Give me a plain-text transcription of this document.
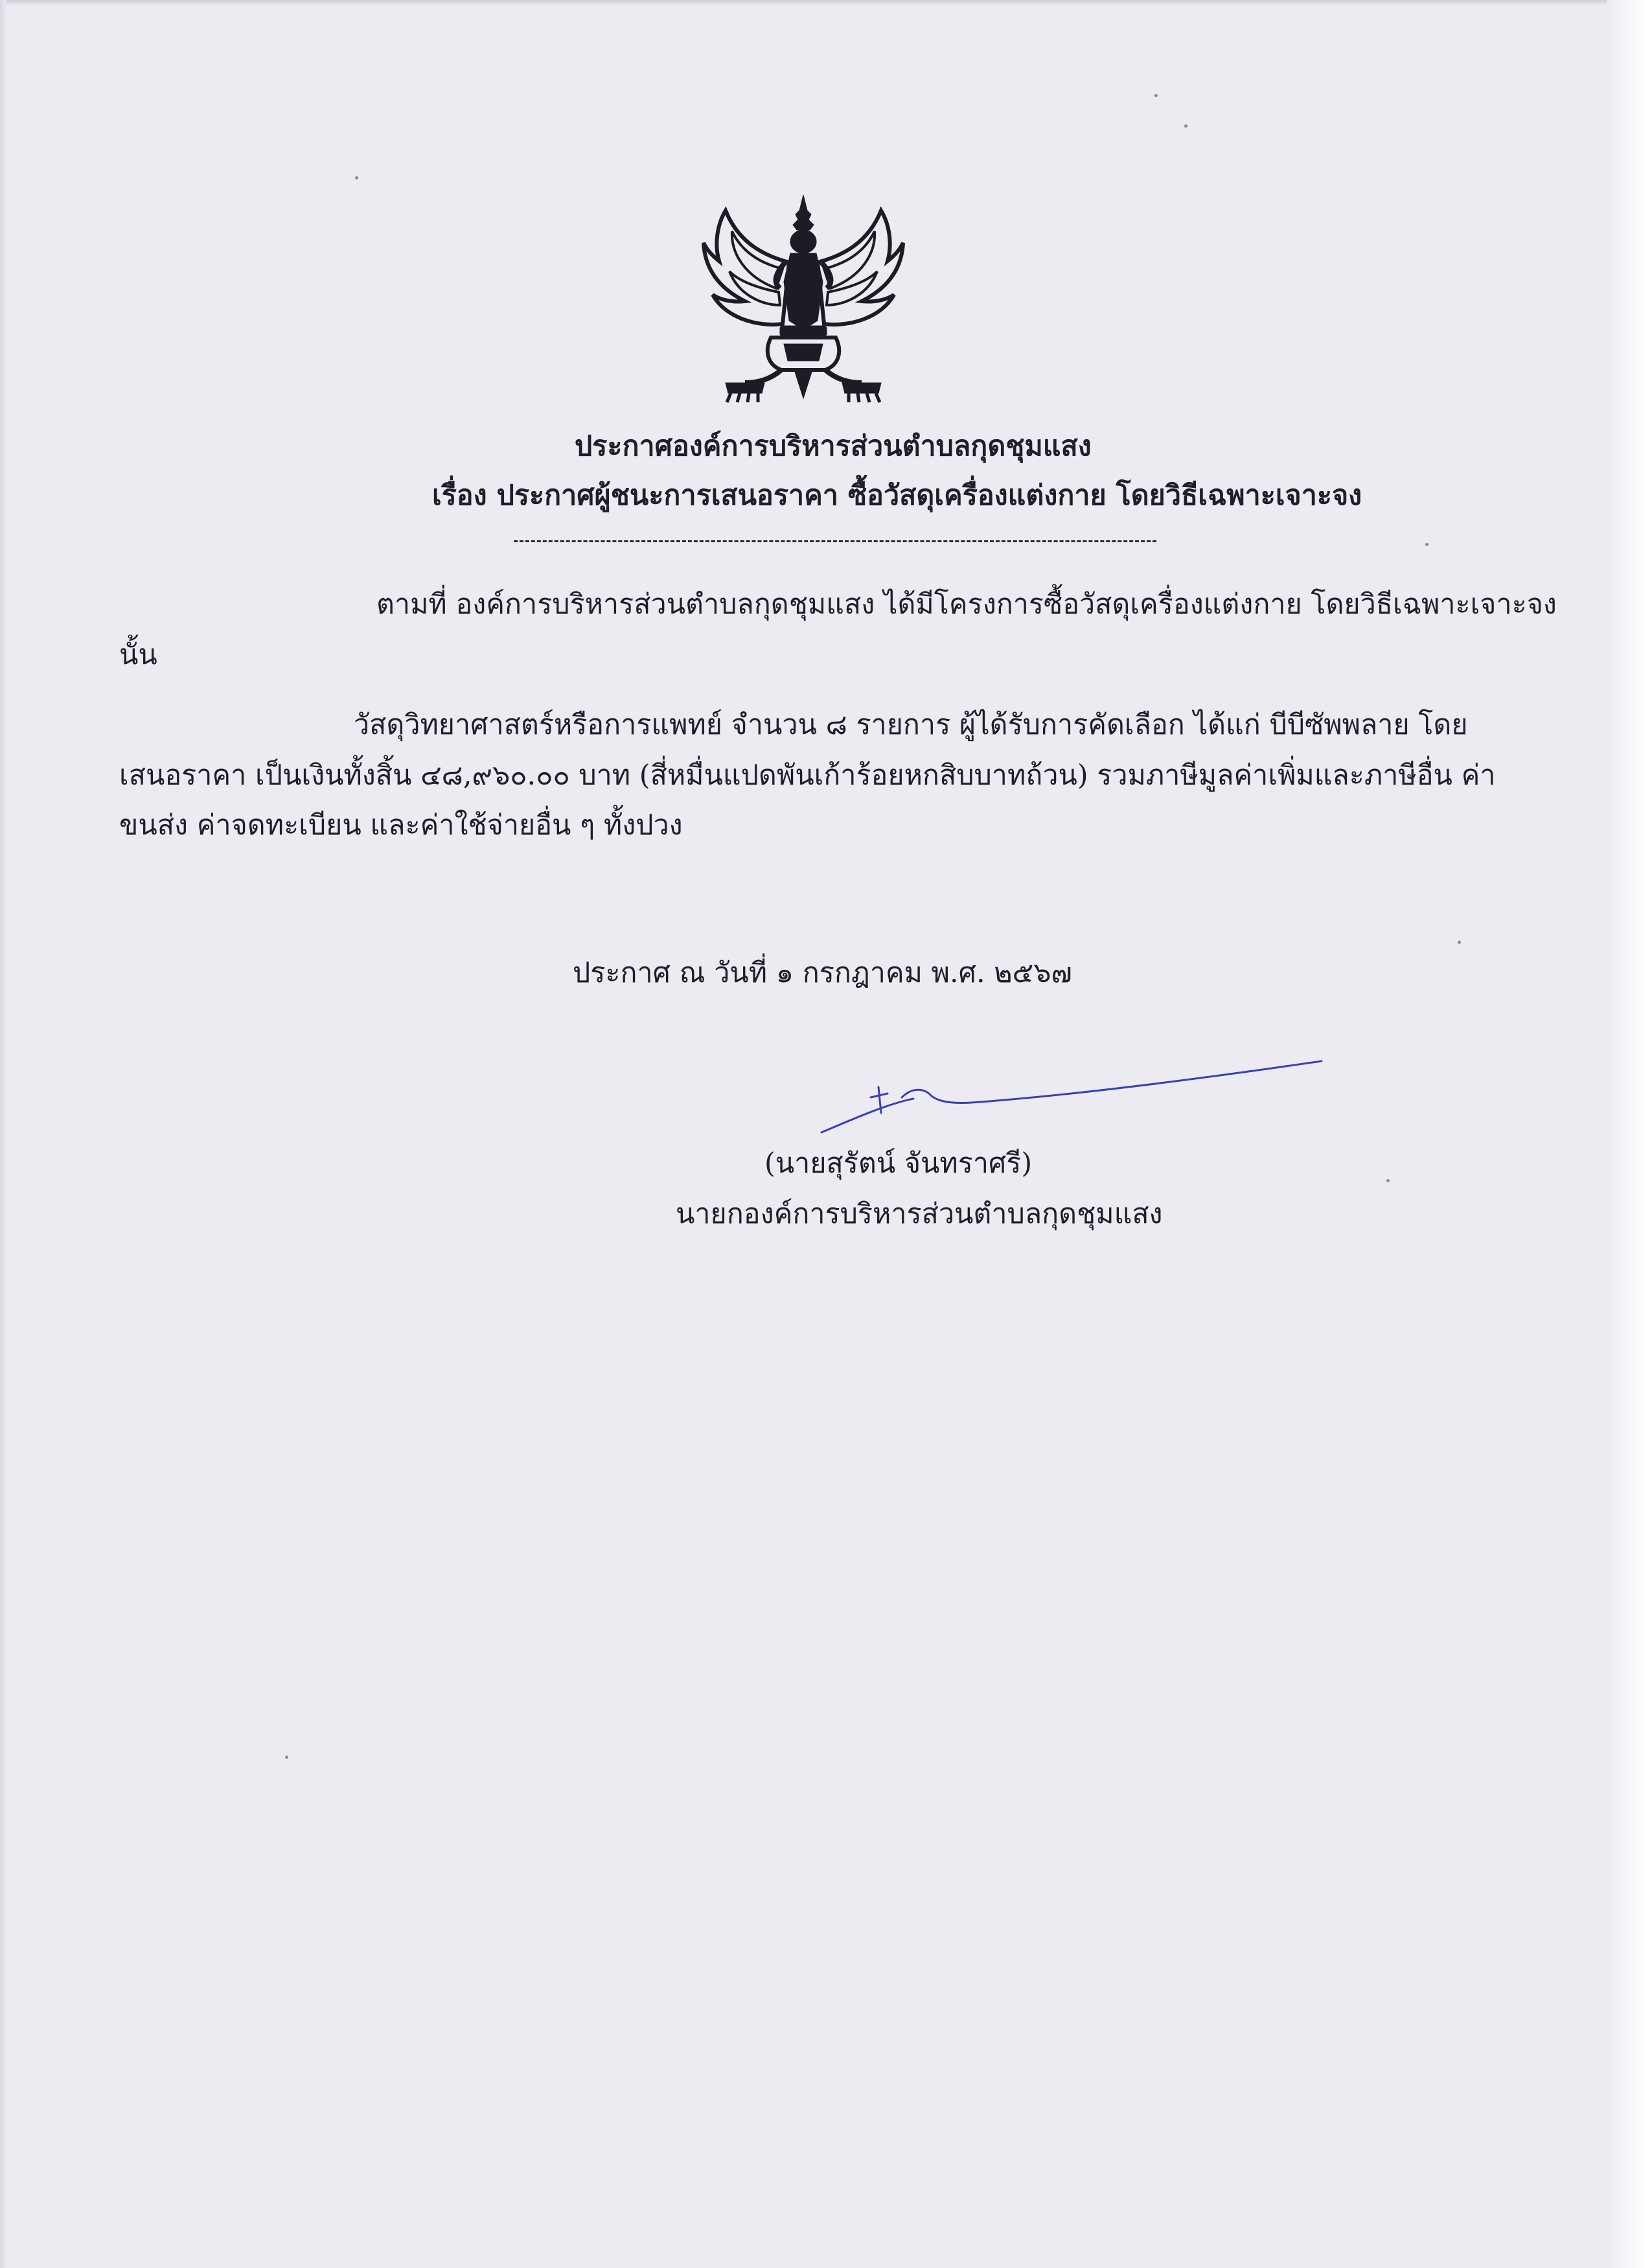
ประกาศองค์การบริหารส่วนตำบลกุดชุมแสง
เรื่อง ประกาศผู้ชนะการเสนอราคา ซื้อวัสดุเครื่องแต่งกาย โดยวิธีเฉพาะเจาะจง
ตามที่ องค์การบริหารส่วนตำบลกุดชุมแสง ได้มีโครงการซื้อวัสดุเครื่องแต่งกาย โดยวิธีเฉพาะเจาะจง
นั้น
วัสดุวิทยาศาสตร์หรือการแพทย์ จำนวน ๘ รายการ ผู้ได้รับการคัดเลือก ได้แก่ บีบีซัพพลาย โดย
เสนอราคา เป็นเงินทั้งสิ้น ๔๘,๙๖๐.๐๐ บาท (สี่หมื่นแปดพันเก้าร้อยหกสิบบาทถ้วน) รวมภาษีมูลค่าเพิ่มและภาษีอื่น ค่า
ขนส่ง ค่าจดทะเบียน และค่าใช้จ่ายอื่น ๆ ทั้งปวง
ประกาศ ณ วันที่ ๑ กรกฎาคม พ.ศ. ๒๕๖๗
(นายสุรัตน์ จันทราศรี)
นายกองค์การบริหารส่วนตำบลกุดชุมแสง
